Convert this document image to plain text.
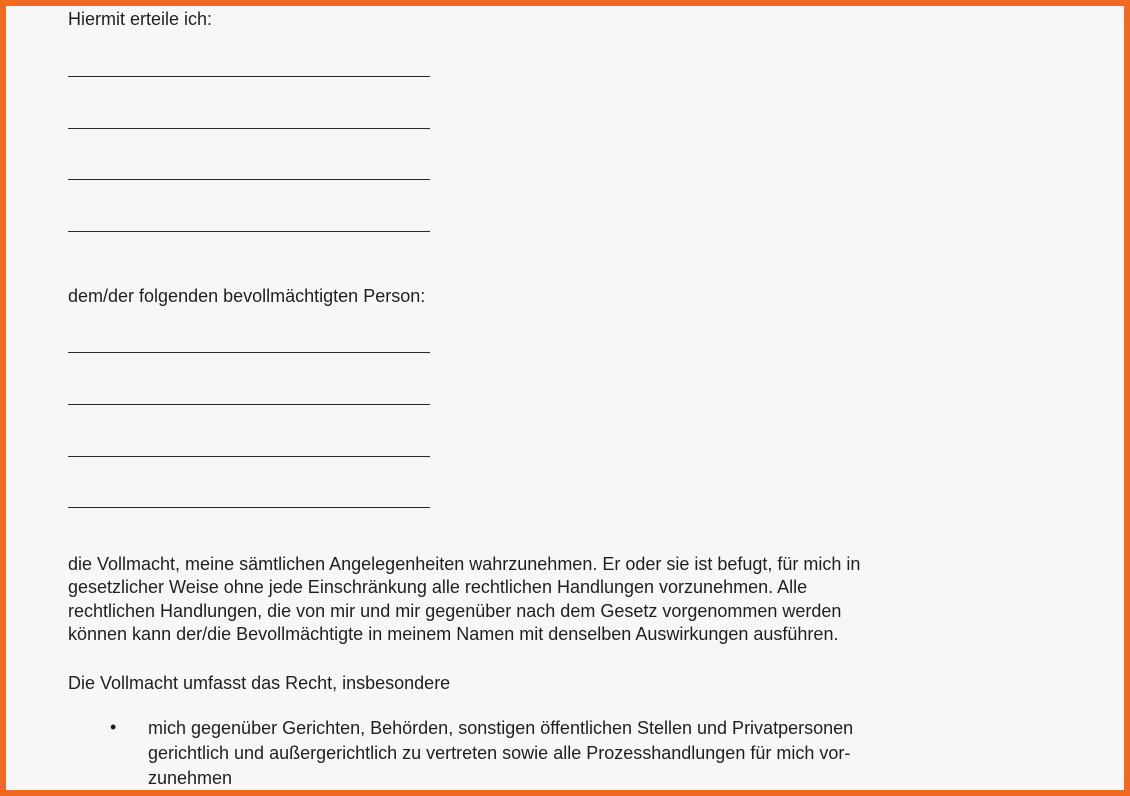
Hiermit erteile ich:
dem/der folgenden bevollmächtigten Person:
die Vollmacht, meine sämtlichen Angelegenheiten wahrzunehmen. Er oder sie ist befugt, für mich in
gesetzlicher Weise ohne jede Einschränkung alle rechtlichen Handlungen vorzunehmen. Alle
rechtlichen Handlungen, die von mir und mir gegenüber nach dem Gesetz vorgenommen werden
können kann der/die Bevollmächtigte in meinem Namen mit denselben Auswirkungen ausführen.
Die Vollmacht umfasst das Recht, insbesondere
• mich gegenüber Gerichten, Behörden, sonstigen öffentlichen Stellen und Privatpersonen
gerichtlich und außergerichtlich zu vertreten sowie alle Prozesshandlungen für mich vor-
zunehmen
